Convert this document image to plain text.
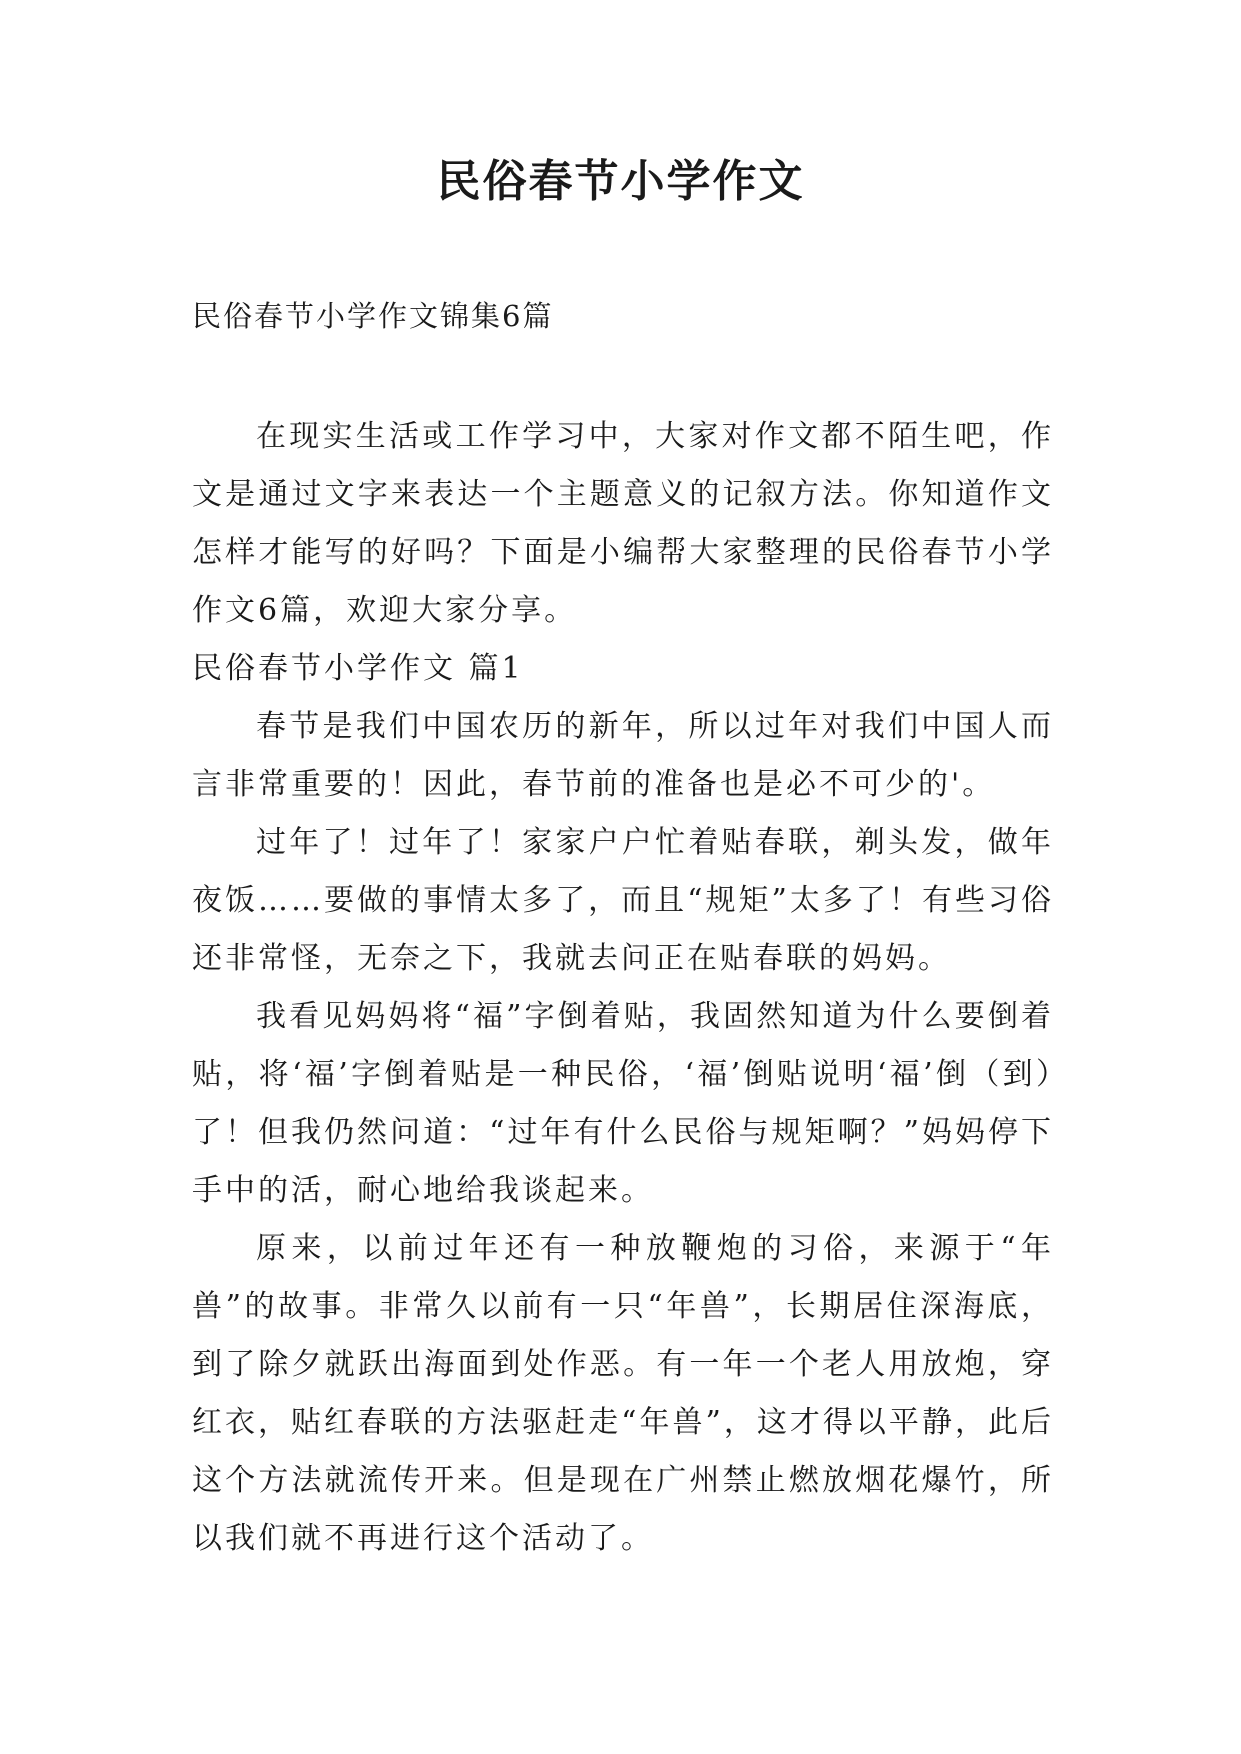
民俗春节小学作文

民俗春节小学作文锦集6篇

在现实生活或工作学习中，大家对作文都不陌生吧，作文是通过文字来表达一个主题意义的记叙方法。你知道作文怎样才能写的好吗？下面是小编帮大家整理的民俗春节小学作文6篇，欢迎大家分享。

民俗春节小学作文 篇1

春节是我们中国农历的新年，所以过年对我们中国人而言非常重要的！因此，春节前的准备也是必不可少的'。

过年了！过年了！家家户户忙着贴春联，剃头发，做年夜饭……要做的事情太多了，而且“规矩”太多了！有些习俗还非常怪，无奈之下，我就去问正在贴春联的妈妈。

我看见妈妈将“福”字倒着贴，我固然知道为什么要倒着贴，将‘福’字倒着贴是一种民俗，‘福’倒贴说明‘福’倒（到）了！但我仍然问道：“过年有什么民俗与规矩啊？”妈妈停下手中的活，耐心地给我谈起来。

原来，以前过年还有一种放鞭炮的习俗，来源于“年兽”的故事。非常久以前有一只“年兽”，长期居住深海底，到了除夕就跃出海面到处作恶。有一年一个老人用放炮，穿红衣，贴红春联的方法驱赶走“年兽”，这才得以平静，此后这个方法就流传开来。但是现在广州禁止燃放烟花爆竹，所以我们就不再进行这个活动了。
